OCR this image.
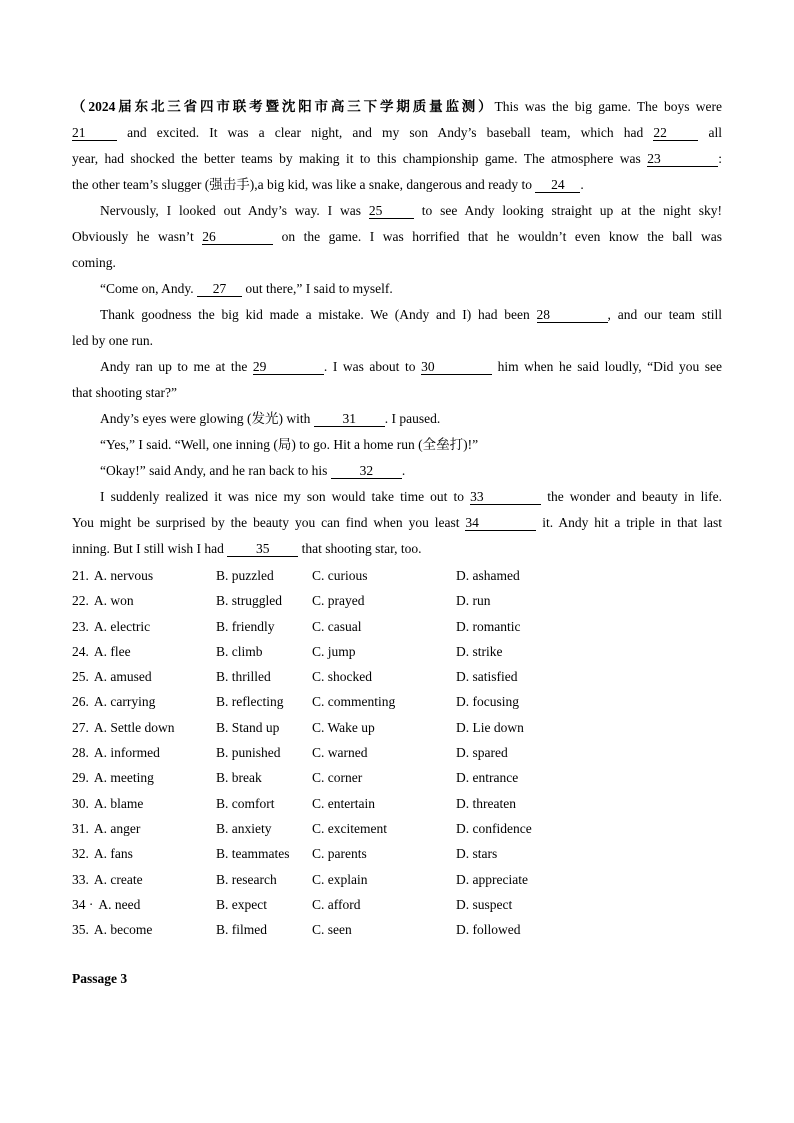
（2024届东北三省四市联考暨沈阳市高三下学期质量监测）This was the big game. The boys were
21 and excited. It was a clear night, and my son Andy’s baseball team, which had 22 all
year, had shocked the better teams by making it to this championship game. The atmosphere was 23	:
the other team’s slugger (强击手),a big kid, was like a snake, dangerous and ready to 24 .
Nervously, I looked out Andy’s way. I was 25 to see Andy looking straight up at the night sky!
Obviously he wasn’t 26	on the game. I was horrified that he wouldn’t even know the ball was
coming.
“Come on, Andy. 27 out there,” I said to myself.
Thank goodness the big kid made a mistake. We (Andy and I) had been 28	, and our team still
led by one run.
Andy ran up to me at the 29	. I was about to 30	him when he said loudly, “Did you see
that shooting star?”
Andy’s eyes were glowing (发光) with 31 . I paused.
“Yes,” I said. “Well, one inning (局) to go. Hit a home run (全垒打)!”
“Okay!” said Andy, and he ran back to his 32 .
I suddenly realized it was nice my son would take time out to 33	the wonder and beauty in life.
You might be surprised by the beauty you can find when you least 34	it. Andy hit a triple in that last
inning. But I still wish I had 35 that shooting star, too.
21. A. nervous	B. puzzled	C. curious	D. ashamed
22. A. won	B. struggled	C. prayed	D. run
23. A. electric	B. friendly	C. casual	D. romantic
24. A. flee	B. climb	C. jump	D. strike
25. A. amused	B. thrilled	C. shocked	D. satisfied
26. A. carrying	B. reflecting	C. commenting	D. focusing
27. A. Settle down	B. Stand up	C. Wake up	D. Lie down
28. A. informed	B. punished	C. warned	D. spared
29. A. meeting	B. break	C. corner	D. entrance
30. A. blame	B. comfort	C. entertain	D. threaten
31. A. anger	B. anxiety	C. excitement	D. confidence
32. A. fans	B. teammates	C. parents	D. stars
33. A. create	B. research	C. explain	D. appreciate
34 · A. need	B. expect	C. afford	D. suspect
35. A. become	B. filmed	C. seen	D. followed
Passage 3
